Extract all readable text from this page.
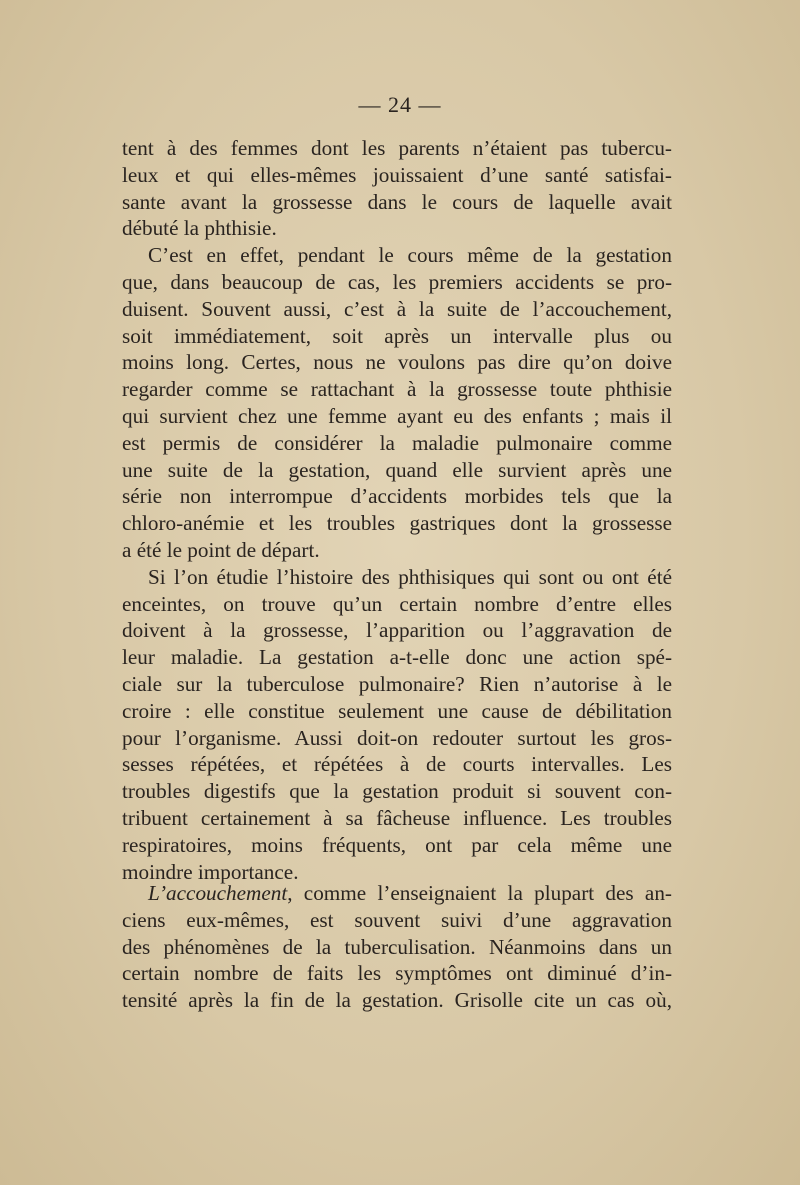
— 24 —
tent à des femmes dont les parents n’étaient pas tubercu-
leux et qui elles-mêmes jouissaient d’une santé satisfai-
sante avant la grossesse dans le cours de laquelle avait
débuté la phthisie.
C’est en effet, pendant le cours même de la gestation
que, dans beaucoup de cas, les premiers accidents se pro-
duisent. Souvent aussi, c’est à la suite de l’accouchement,
soit immédiatement, soit après un intervalle plus ou
moins long. Certes, nous ne voulons pas dire qu’on doive
regarder comme se rattachant à la grossesse toute phthisie
qui survient chez une femme ayant eu des enfants ; mais il
est permis de considérer la maladie pulmonaire comme
une suite de la gestation, quand elle survient après une
série non interrompue d’accidents morbides tels que la
chloro-anémie et les troubles gastriques dont la grossesse
a été le point de départ.
Si l’on étudie l’histoire des phthisiques qui sont ou ont été
enceintes, on trouve qu’un certain nombre d’entre elles
doivent à la grossesse, l’apparition ou l’aggravation de
leur maladie. La gestation a-t-elle donc une action spé-
ciale sur la tuberculose pulmonaire? Rien n’autorise à le
croire : elle constitue seulement une cause de débilitation
pour l’organisme. Aussi doit-on redouter surtout les gros-
sesses répétées, et répétées à de courts intervalles. Les
troubles digestifs que la gestation produit si souvent con-
tribuent certainement à sa fâcheuse influence. Les troubles
respiratoires, moins fréquents, ont par cela même une
moindre importance.
L’accouchement, comme l’enseignaient la plupart des an-
ciens eux-mêmes, est souvent suivi d’une aggravation
des phénomènes de la tuberculisation. Néanmoins dans un
certain nombre de faits les symptômes ont diminué d’in-
tensité après la fin de la gestation. Grisolle cite un cas où,
